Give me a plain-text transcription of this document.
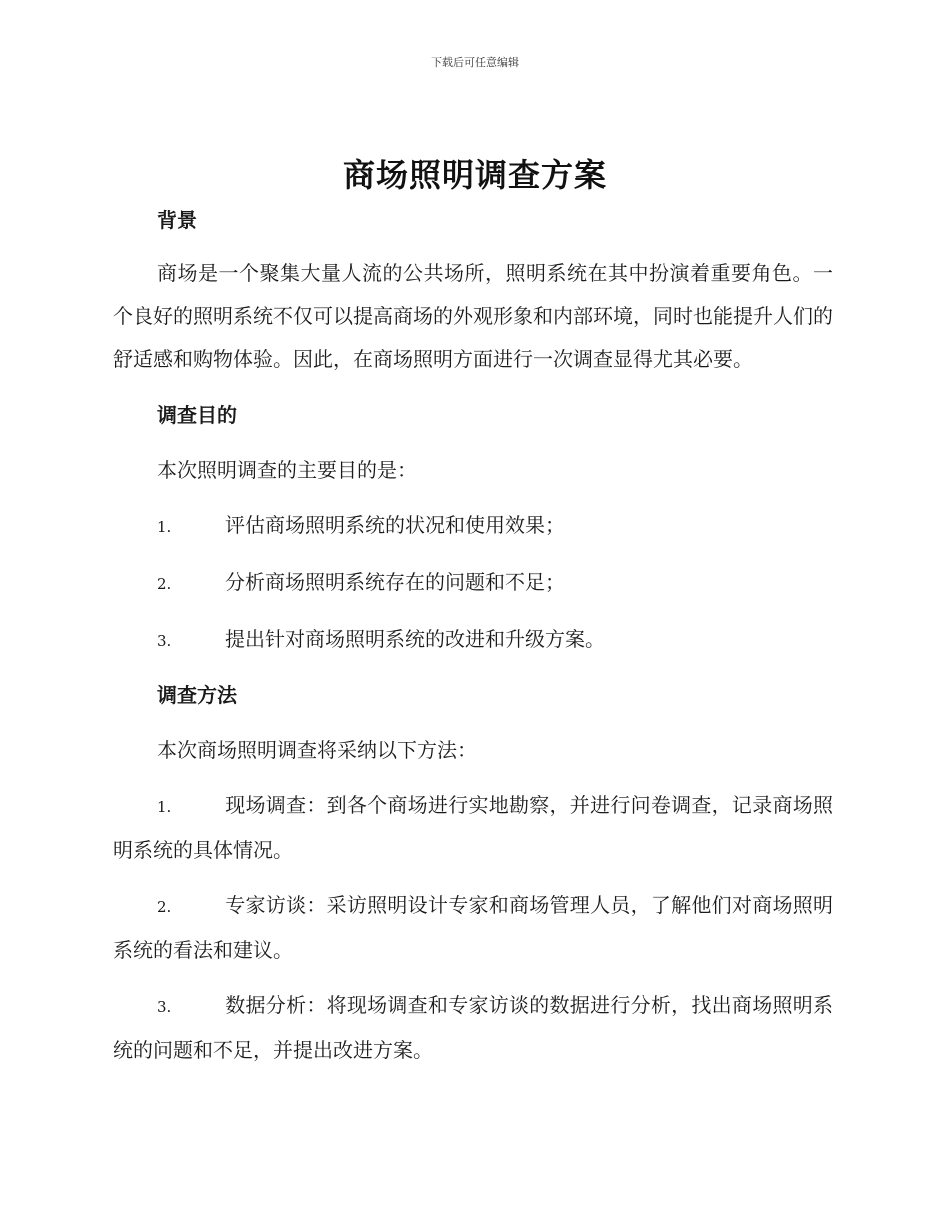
下载后可任意编辑
商场照明调查方案
背景

商场是一个聚集大量人流的公共场所，照明系统在其中扮演着重要角色。一个良好的照明系统不仅可以提高商场的外观形象和内部环境，同时也能提升人们的舒适感和购物体验。因此，在商场照明方面进行一次调查显得尤其必要。

调查目的

本次照明调查的主要目的是：

1.	评估商场照明系统的状况和使用效果；

2.	分析商场照明系统存在的问题和不足；

3.	提出针对商场照明系统的改进和升级方案。

调查方法

本次商场照明调查将采纳以下方法：

1.	现场调查：到各个商场进行实地勘察，并进行问卷调查，记录商场照明系统的具体情况。

2.	专家访谈：采访照明设计专家和商场管理人员，了解他们对商场照明系统的看法和建议。

3.	数据分析：将现场调查和专家访谈的数据进行分析，找出商场照明系统的问题和不足，并提出改进方案。
